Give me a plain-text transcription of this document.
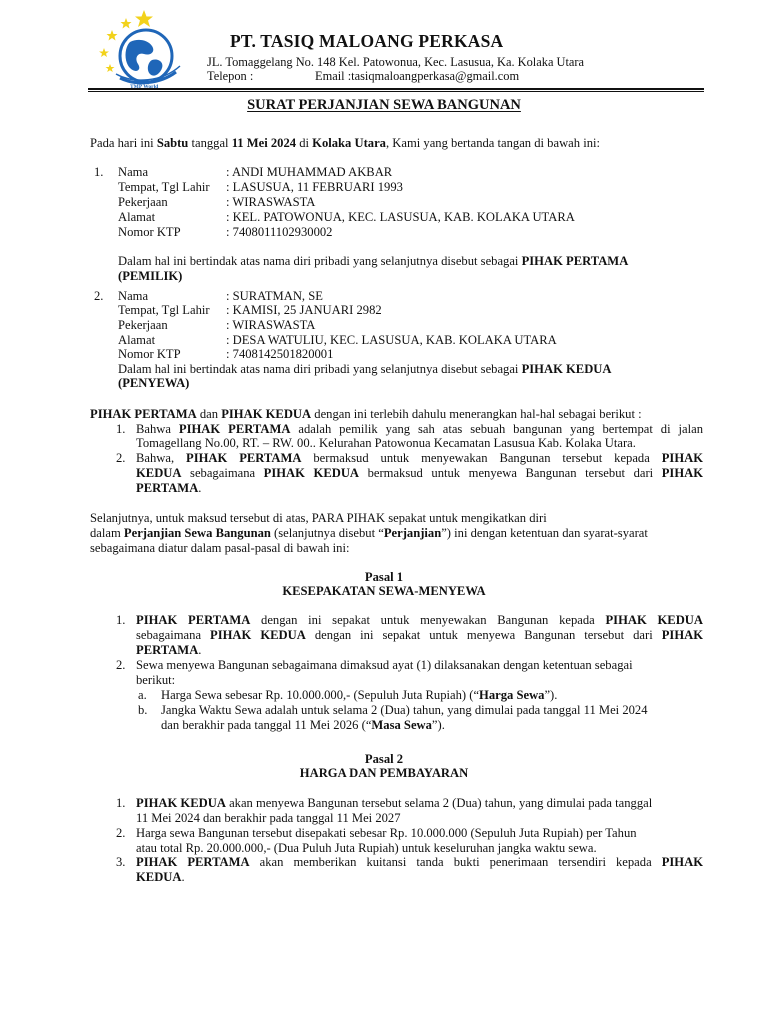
TMP World
PT. TASIQ MALOANG PERKASA
JL. Tomaggelang No. 148 Kel. Patowonua, Kec. Lasusua, Ka. Kolaka Utara
Telepon :	Email :tasiqmaloangperkasa@gmail.com
SURAT PERJANJIAN SEWA BANGUNAN
Pada hari ini Sabtu tanggal 11 Mei 2024 di Kolaka Utara, Kami yang bertanda tangan di bawah ini:
1. Nama	: ANDI MUHAMMAD AKBAR
Tempat, Tgl Lahir : LASUSUA, 11 FEBRUARI 1993
Pekerjaan	: WIRASWASTA
Alamat	: KEL. PATOWONUA, KEC. LASUSUA, KAB. KOLAKA UTARA
Nomor KTP	: 7408011102930002
Dalam hal ini bertindak atas nama diri pribadi yang selanjutnya disebut sebagai PIHAK PERTAMA
(PEMILIK)
2. Nama	: SURATMAN, SE
Tempat, Tgl Lahir : KAMISI, 25 JANUARI 2982
Pekerjaan	: WIRASWASTA
Alamat	: DESA WATULIU, KEC. LASUSUA, KAB. KOLAKA UTARA
Nomor KTP	: 7408142501820001
Dalam hal ini bertindak atas nama diri pribadi yang selanjutnya disebut sebagai PIHAK KEDUA
(PENYEWA)
PIHAK PERTAMA dan PIHAK KEDUA dengan ini terlebih dahulu menerangkan hal-hal sebagai berikut :
1. Bahwa PIHAK PERTAMA adalah pemilik yang sah atas sebuah bangunan yang bertempat di jalan
Tomagellang No.00, RT. – RW. 00.. Kelurahan Patowonua Kecamatan Lasusua Kab. Kolaka Utara.
2. Bahwa, PIHAK PERTAMA bermaksud untuk menyewakan Bangunan tersebut kepada PIHAK
KEDUA sebagaimana PIHAK KEDUA bermaksud untuk menyewa Bangunan tersebut dari PIHAK
PERTAMA.
Selanjutnya, untuk maksud tersebut di atas, PARA PIHAK sepakat untuk mengikatkan diri
dalam Perjanjian Sewa Bangunan (selanjutnya disebut “Perjanjian”) ini dengan ketentuan dan syarat-syarat
sebagaimana diatur dalam pasal-pasal di bawah ini:
Pasal 1
KESEPAKATAN SEWA-MENYEWA
1. PIHAK PERTAMA dengan ini sepakat untuk menyewakan Bangunan kepada PIHAK KEDUA
sebagaimana PIHAK KEDUA dengan ini sepakat untuk menyewa Bangunan tersebut dari PIHAK
PERTAMA.
2. Sewa menyewa Bangunan sebagaimana dimaksud ayat (1) dilaksanakan dengan ketentuan sebagai
berikut:
a. Harga Sewa sebesar Rp. 10.000.000,- (Sepuluh Juta Rupiah) (“Harga Sewa”).
b. Jangka Waktu Sewa adalah untuk selama 2 (Dua) tahun, yang dimulai pada tanggal 11 Mei 2024
dan berakhir pada tanggal 11 Mei 2026 (“Masa Sewa”).
Pasal 2
HARGA DAN PEMBAYARAN
1. PIHAK KEDUA akan menyewa Bangunan tersebut selama 2 (Dua) tahun, yang dimulai pada tanggal
11 Mei 2024 dan berakhir pada tanggal 11 Mei 2027
2. Harga sewa Bangunan tersebut disepakati sebesar Rp. 10.000.000 (Sepuluh Juta Rupiah) per Tahun
atau total Rp. 20.000.000,- (Dua Puluh Juta Rupiah) untuk keseluruhan jangka waktu sewa.
3. PIHAK PERTAMA akan memberikan kuitansi tanda bukti penerimaan tersendiri kepada PIHAK
KEDUA.
